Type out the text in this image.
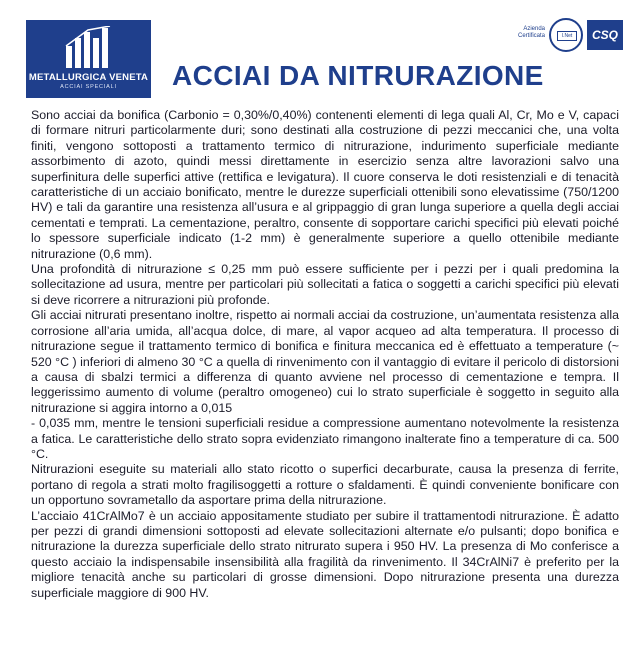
METALLURGICA VENETA
ACCIAI SPECIALI	ACCIAI DA NITRURAZIONE
Azienda Certificata	I.Net	CSQ

Sono acciai da bonifica (Carbonio = 0,30%/0,40%) contenenti elementi di lega quali Al, Cr, Mo e V, capaci di formare nitruri particolarmente duri; sono destinati alla costruzione di pezzi meccanici che, una volta finiti, vengono sottoposti a trattamento termico di nitrurazione, indurimento superficiale mediante assorbimento di azoto, quindi messi direttamente in esercizio senza altre lavorazioni salvo una superfinitura delle superfici attive (rettifica e levigatura). Il cuore conserva le doti resistenziali e di tenacità caratteristiche di un acciaio bonificato, mentre le durezze superficiali ottenibili sono elevatissime (750/1200 HV) e tali da garantire una resistenza all’usura e al grippaggio di gran lunga superiore a quella degli acciai cementati e temprati. La cementazione, peraltro, consente di sopportare carichi specifici più elevati poiché lo spessore superficiale indicato (1-2 mm) è generalmente superiore a quello ottenibile mediante nitrurazione (0,6 mm).

Una profondità di nitrurazione ≤ 0,25 mm può essere sufficiente per i pezzi per i quali predomina la sollecitazione ad usura, mentre per particolari più sollecitati a fatica o soggetti a carichi specifici più elevati si deve ricorrere a nitrurazioni più profonde.

Gli acciai nitrurati presentano inoltre, rispetto ai normali acciai da costruzione, un’aumentata resistenza alla corrosione all’aria umida, all’acqua dolce, di mare, al vapor acqueo ad alta temperatura. Il processo di nitrurazione segue il trattamento termico di bonifica e finitura meccanica ed è effettuato a temperature (~ 520 °C ) inferiori di almeno 30 °C a quella di rinvenimento con il vantaggio di evitare il pericolo di distorsioni a causa di sbalzi termici a differenza di quanto avviene nel processo di cementazione e tempra. Il leggerissimo aumento di volume (peraltro omogeneo) cui lo strato superficiale è soggetto in seguito alla nitrurazione si aggira intorno a 0,015

- 0,035 mm, mentre le tensioni superficiali residue a compressione aumentano notevolmente la resistenza a fatica. Le caratteristiche dello strato sopra evidenziato rimangono inalterate fino a temperature di ca. 500 °C.

Nitrurazioni eseguite su materiali allo stato ricotto o superfici decarburate, causa la presenza di ferrite, portano di regola a strati molto fragilisoggetti a rotture o sfaldamenti. È quindi conveniente bonificare con un opportuno sovrametallo da asportare prima della nitrurazione.

L’acciaio 41CrAlMo7 è un acciaio appositamente studiato per subire il trattamentodi nitrurazione. È adatto per pezzi di grandi dimensioni sottoposti ad elevate sollecitazioni alternate e/o pulsanti; dopo bonifica e nitrurazione la durezza superficiale dello strato nitrurato supera i 950 HV. La presenza di Mo conferisce a questo acciaio la indispensabile insensibilità alla fragilità da rinvenimento. Il 34CrAlNi7 è preferito per la migliore tenacità anche su particolari di grosse dimensioni. Dopo nitrurazione presenta una durezza superficiale maggiore di 900 HV.
